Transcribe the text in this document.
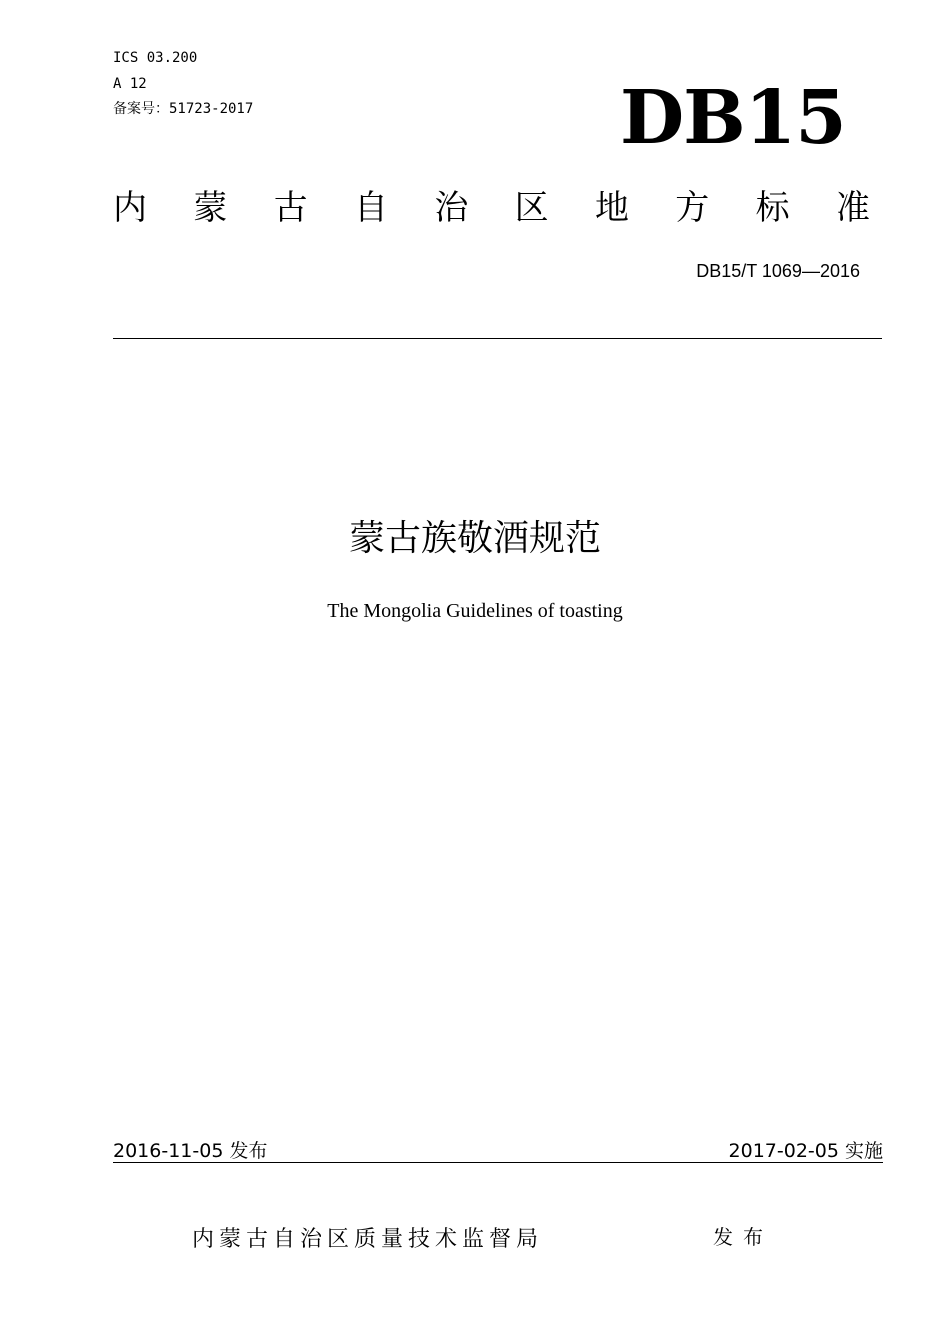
ICS 03.200
A 12
备案号：51723-2017	DB15
内 蒙 古 自 治 区 地 方 标 准
DB15/T 1069—2016
蒙古族敬酒规范
The Mongolia Guidelines of toasting
2016-11-05 发布	2017-02-05 实施
内蒙古自治区质量技术监督局	发布
